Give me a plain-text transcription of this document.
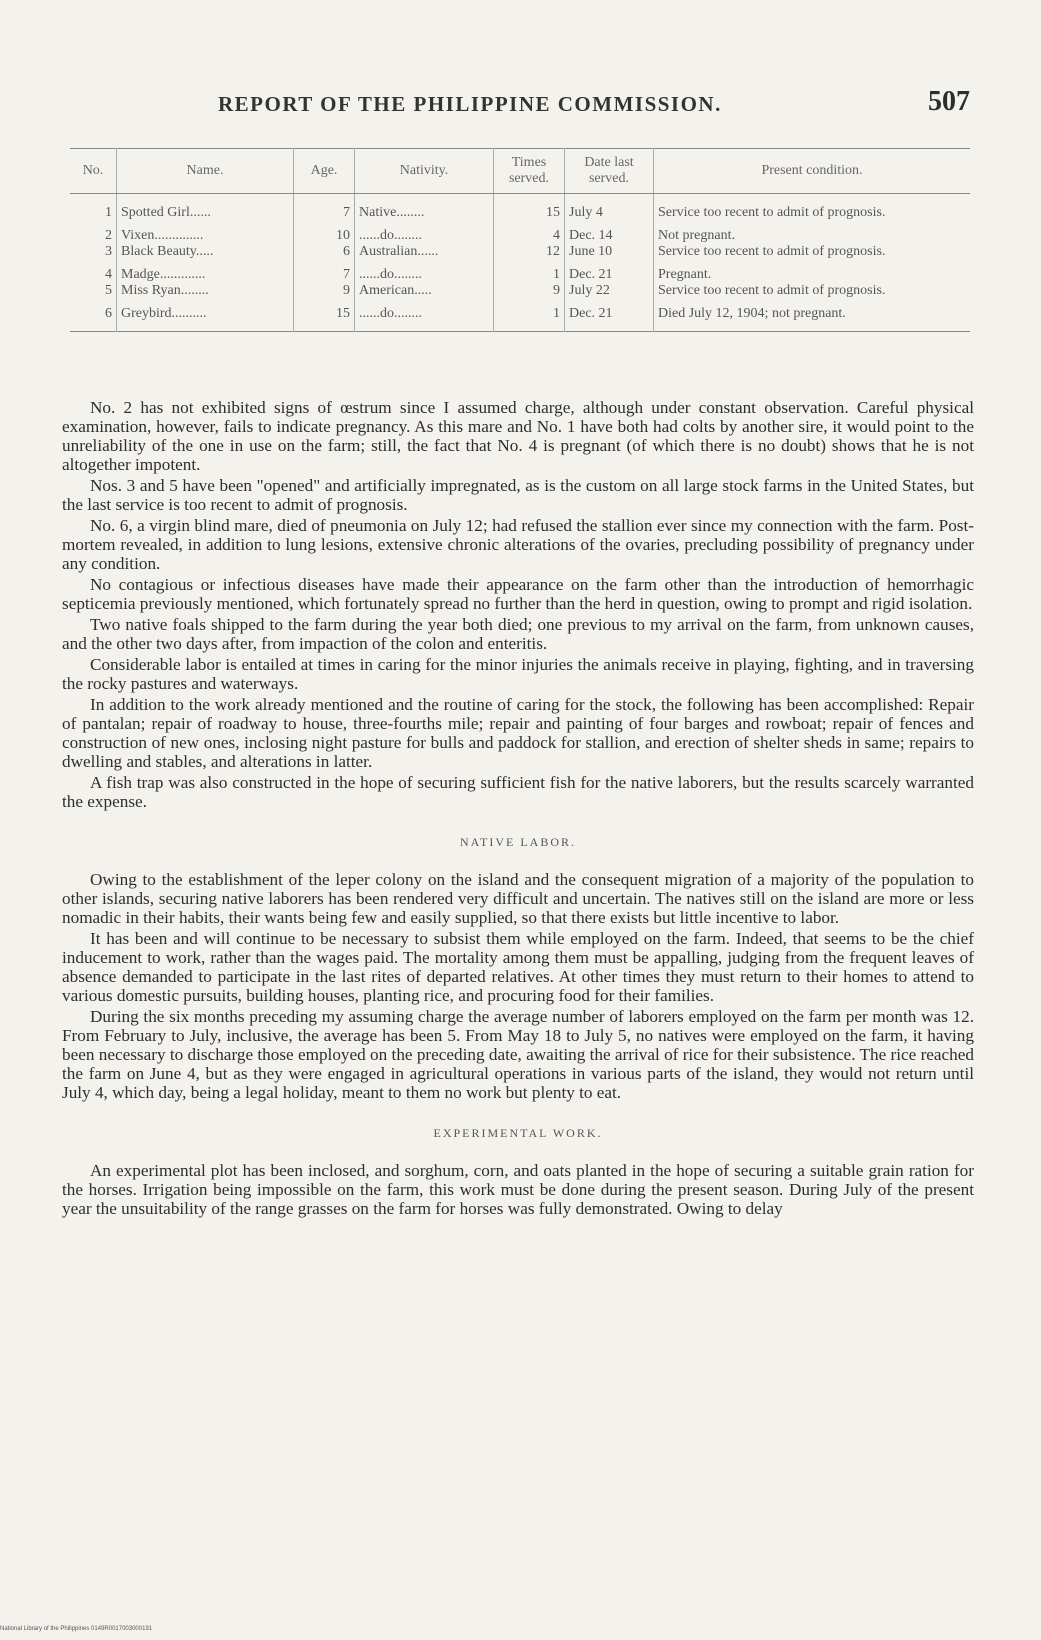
REPORT OF THE PHILIPPINE COMMISSION.	507
No.	Name.	Age.	Nativity.	Times served.	Date last served.	Present condition.
1	Spotted Girl......	7	Native........	15	July 4	Service too recent to admit of prognosis.
2	Vixen..............	10	......do........	4	Dec. 14	Not pregnant.
3	Black Beauty.....	6	Australian......	12	June 10	Service too recent to admit of prognosis.
4	Madge.............	7	......do........	1	Dec. 21	Pregnant.
5	Miss Ryan........	9	American.....	9	July 22	Service too recent to admit of prognosis.
6	Greybird..........	15	......do........	1	Dec. 21	Died July 12, 1904; not pregnant.

No. 2 has not exhibited signs of œstrum since I assumed charge, although under constant observation. Careful physical examination, however, fails to indicate pregnancy. As this mare and No. 1 have both had colts by another sire, it would point to the unreliability of the one in use on the farm; still, the fact that No. 4 is pregnant (of which there is no doubt) shows that he is not altogether impotent.

Nos. 3 and 5 have been "opened" and artificially impregnated, as is the custom on all large stock farms in the United States, but the last service is too recent to admit of prognosis.

No. 6, a virgin blind mare, died of pneumonia on July 12; had refused the stallion ever since my connection with the farm. Post-mortem revealed, in addition to lung lesions, extensive chronic alterations of the ovaries, precluding possibility of pregnancy under any condition.

No contagious or infectious diseases have made their appearance on the farm other than the introduction of hemorrhagic septicemia previously mentioned, which fortunately spread no further than the herd in question, owing to prompt and rigid isolation.

Two native foals shipped to the farm during the year both died; one previous to my arrival on the farm, from unknown causes, and the other two days after, from impaction of the colon and enteritis.

Considerable labor is entailed at times in caring for the minor injuries the animals receive in playing, fighting, and in traversing the rocky pastures and waterways.

In addition to the work already mentioned and the routine of caring for the stock, the following has been accomplished: Repair of pantalan; repair of roadway to house, three-fourths mile; repair and painting of four barges and rowboat; repair of fences and construction of new ones, inclosing night pasture for bulls and paddock for stallion, and erection of shelter sheds in same; repairs to dwelling and stables, and alterations in latter.

A fish trap was also constructed in the hope of securing sufficient fish for the native laborers, but the results scarcely warranted the expense.

NATIVE LABOR.

Owing to the establishment of the leper colony on the island and the consequent migration of a majority of the population to other islands, securing native laborers has been rendered very difficult and uncertain. The natives still on the island are more or less nomadic in their habits, their wants being few and easily supplied, so that there exists but little incentive to labor.

It has been and will continue to be necessary to subsist them while employed on the farm. Indeed, that seems to be the chief inducement to work, rather than the wages paid. The mortality among them must be appalling, judging from the frequent leaves of absence demanded to participate in the last rites of departed relatives. At other times they must return to their homes to attend to various domestic pursuits, building houses, planting rice, and procuring food for their families.

During the six months preceding my assuming charge the average number of laborers employed on the farm per month was 12. From February to July, inclusive, the average has been 5. From May 18 to July 5, no natives were employed on the farm, it having been necessary to discharge those employed on the preceding date, awaiting the arrival of rice for their subsistence. The rice reached the farm on June 4, but as they were engaged in agricultural operations in various parts of the island, they would not return until July 4, which day, being a legal holiday, meant to them no work but plenty to eat.

EXPERIMENTAL WORK.

An experimental plot has been inclosed, and sorghum, corn, and oats planted in the hope of securing a suitable grain ration for the horses. Irrigation being impossible on the farm, this work must be done during the present season. During July of the present year the unsuitability of the range grasses on the farm for horses was fully demonstrated. Owing to delay

National Library of the Philippines 0149R0017003000191
